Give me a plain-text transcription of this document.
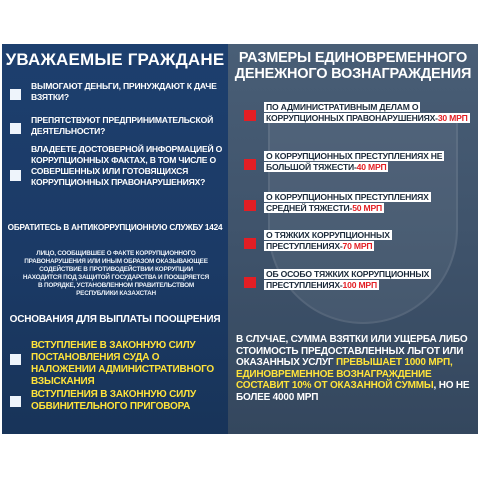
УВАЖАЕМЫЕ ГРАЖДАНЕ
ВЫМОГАЮТ ДЕНЬГИ, ПРИНУЖДАЮТ К ДАЧЕ ВЗЯТКИ?
ПРЕПЯТСТВУЮТ ПРЕДПРИНИМАТЕЛЬСКОЙ ДЕЯТЕЛЬНОСТИ?
ВЛАДЕЕТЕ ДОСТОВЕРНОЙ ИНФОРМАЦИЕЙ О КОРРУПЦИОННЫХ ФАКТАХ, В ТОМ ЧИСЛЕ О СОВЕРШЕННЫХ ИЛИ ГОТОВЯЩИХСЯ КОРРУПЦИОННЫХ ПРАВОНАРУШЕНИЯХ?
ОБРАТИТЕСЬ В АНТИКОРРУПЦИОННУЮ СЛУЖБУ 1424
ЛИЦО, СООБЩИВШЕЕ О ФАКТЕ КОРРУПЦИОННОГО ПРАВОНАРУШЕНИЯ ИЛИ ИНЫМ ОБРАЗОМ ОКАЗЫВАЮЩЕЕ СОДЕЙСТВИЕ В ПРОТИВОДЕЙСТВИИ КОРРУПЦИИ НАХОДИТСЯ ПОД ЗАЩИТОЙ ГОСУДАРСТВА И ПООЩРЯЕТСЯ В ПОРЯДКЕ, УСТАНОВЛЕННОМ ПРАВИТЕЛЬСТВОМ РЕСПУБЛИКИ КАЗАХСТАН
ОСНОВАНИЯ ДЛЯ ВЫПЛАТЫ ПООЩРЕНИЯ
ВСТУПЛЕНИЕ В ЗАКОННУЮ СИЛУ ПОСТАНОВЛЕНИЯ СУДА О НАЛОЖЕНИИ АДМИНИСТРАТИВНОГО ВЗЫСКАНИЯ
ВСТУПЛЕНИЯ В ЗАКОННУЮ СИЛУ ОБВИНИТЕЛЬНОГО ПРИГОВОРА
РАЗМЕРЫ ЕДИНОВРЕМЕННОГО ДЕНЕЖНОГО ВОЗНАГРАЖДЕНИЯ
ПО АДМИНИСТРАТИВНЫМ ДЕЛАМ О КОРРУПЦИОННЫХ ПРАВОНАРУШЕНИЯХ-30 МРП
О КОРРУПЦИОННЫХ ПРЕСТУПЛЕНИЯХ НЕ БОЛЬШОЙ ТЯЖЕСТИ-40 МРП
О КОРРУПЦИОННЫХ ПРЕСТУПЛЕНИЯХ СРЕДНЕЙ ТЯЖЕСТИ-50 МРП
О ТЯЖКИХ КОРРУПЦИОННЫХ ПРЕСТУПЛЕНИЯХ-70 МРП
ОБ ОСОБО ТЯЖКИХ КОРРУПЦИОННЫХ ПРЕСТУПЛЕНИЯХ-100 МРП
В СЛУЧАЕ, СУММА ВЗЯТКИ ИЛИ УЩЕРБА ЛИБО СТОИМОСТЬ ПРЕДОСТАВЛЕННЫХ ЛЬГОТ ИЛИ ОКАЗАННЫХ УСЛУГ ПРЕВЫШАЕТ 1000 МРП, ЕДИНОВРЕМЕННОЕ ВОЗНАГРАЖДЕНИЕ СОСТАВИТ 10% ОТ ОКАЗАННОЙ СУММЫ, НО НЕ БОЛЕЕ 4000 МРП
